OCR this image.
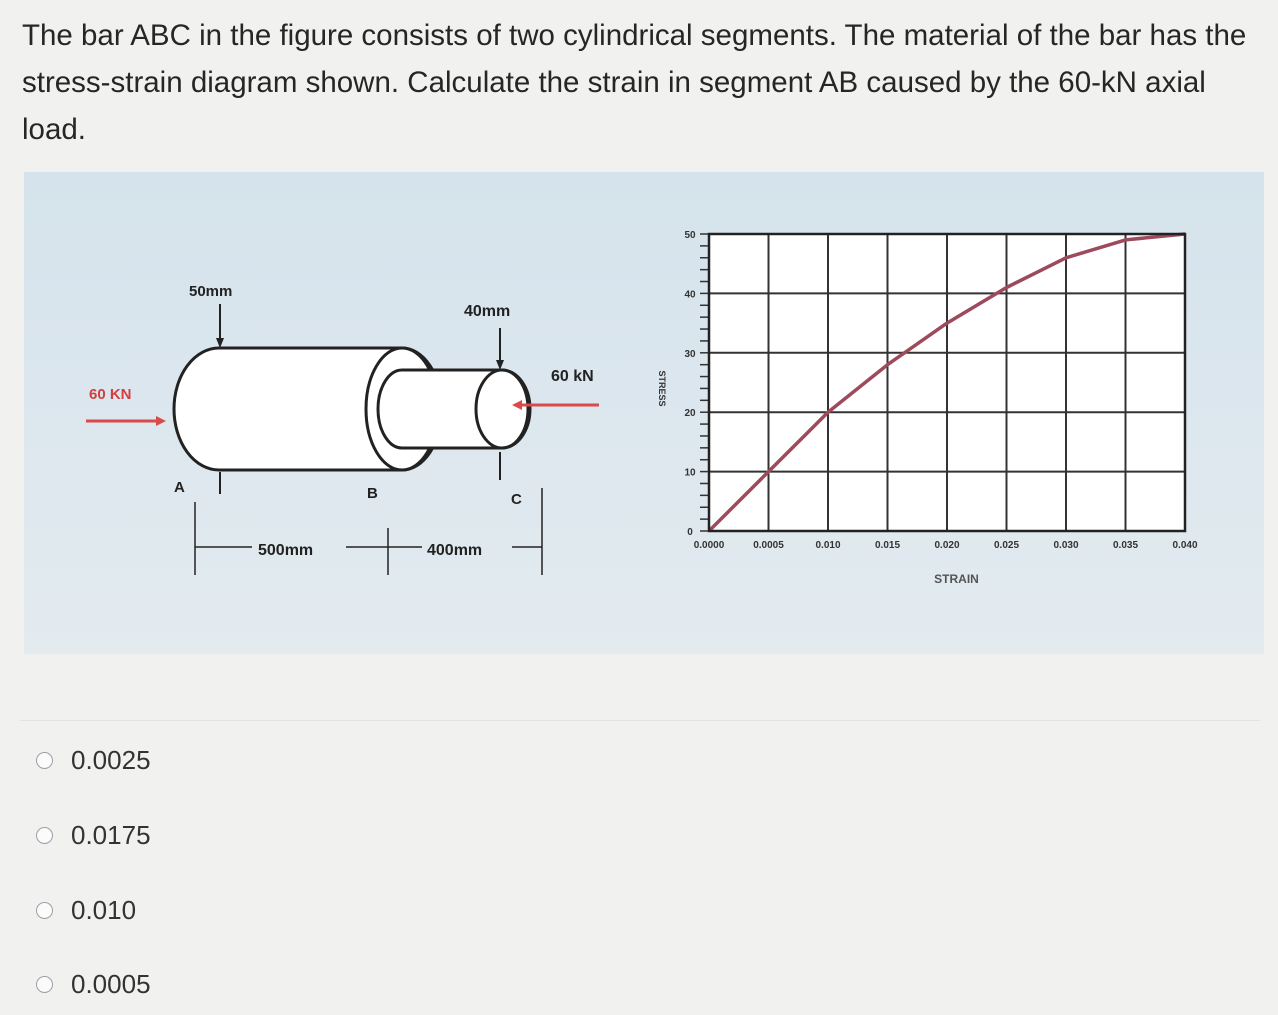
The bar ABC in the figure consists of two cylindrical segments. The material of the bar has the stress-strain diagram shown. Calculate the strain in segment AB caused by the 60-kN axial load.
60 KN
60 kN
50mm
40mm
A	B	C
500mm	400mm	0.0000	0.0005	0.010	0.015	0.020	0.025	0.030	0.035	0.040
0
10
20
30
40
50
STRESS
STRAIN
0.0025
0.0175
0.010
0.0005
